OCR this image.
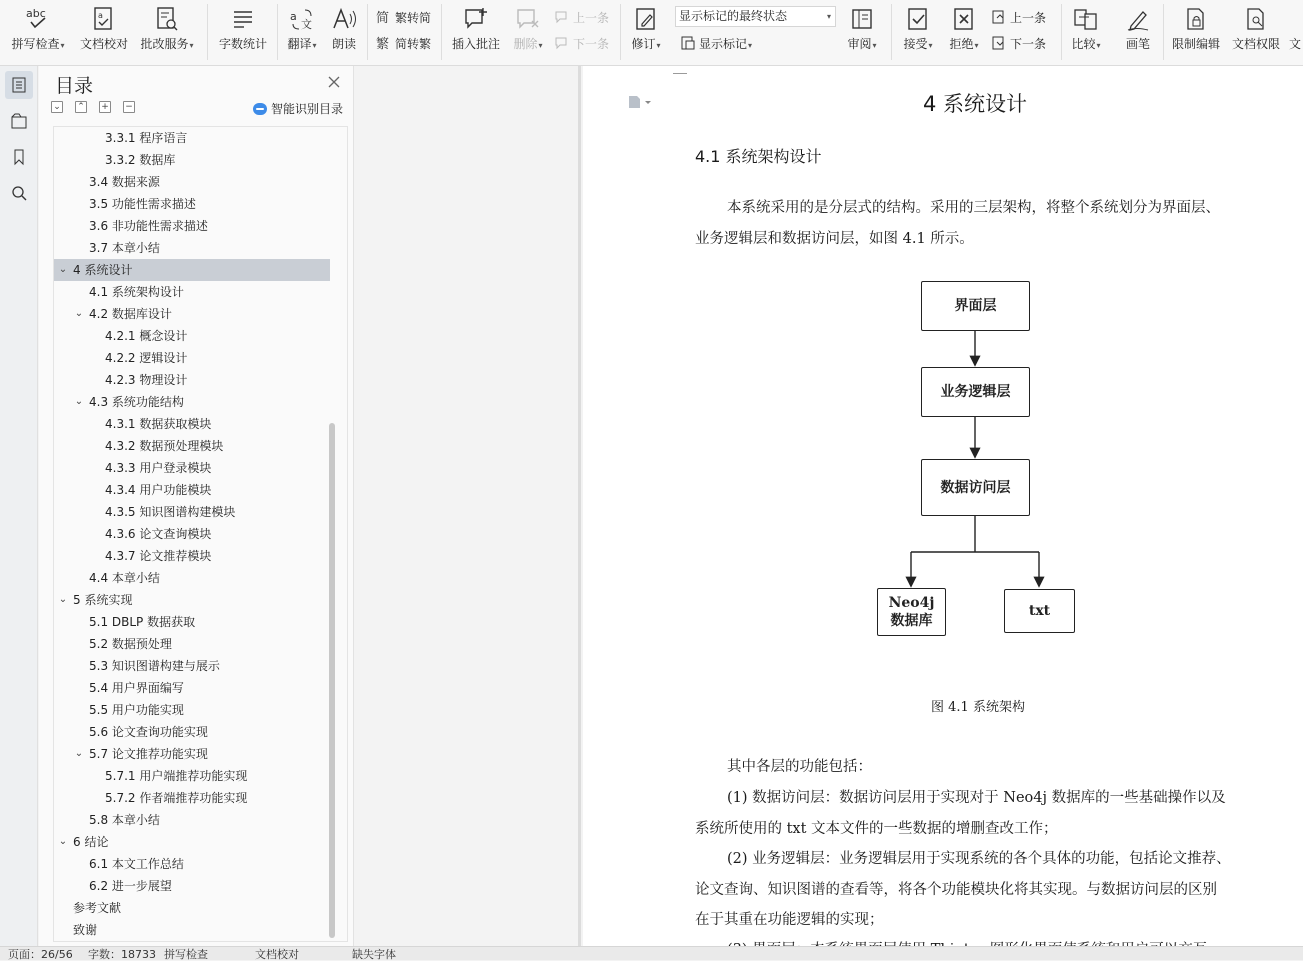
abc
拼写检查 ▾
a
文档校对 批改服务 ▾	字数统计
a
文
翻译 ▾	朗读
简 繁转简
繁 简转繁 插入批注 删除 ▾
上一条
下一条 修订 ▾
显示标记的最终状态	▾
显示标记 ▾	审阅 ▾	接受 ▾	拒绝 ▾
上一条
下一条 比较 ▾	画笔 限制编辑 文档权限 文
目录
⌄ ⌃ + −	智能识别目录
3.3.1 程序语言
3.3.2 数据库
3.4 数据来源
3.5 功能性需求描述
3.6 非功能性需求描述
3.7 本章小结
⌄ 4 系统设计
4.1 系统架构设计
⌄ 4.2 数据库设计
4.2.1 概念设计
4.2.2 逻辑设计
4.2.3 物理设计
⌄ 4.3 系统功能结构
4.3.1 数据获取模块
4.3.2 数据预处理模块
4.3.3 用户登录模块
4.3.4 用户功能模块
4.3.5 知识图谱构建模块
4.3.6 论文查询模块
4.3.7 论文推荐模块
4.4 本章小结
⌄ 5 系统实现
5.1 DBLP 数据获取
5.2 数据预处理
5.3 知识图谱构建与展示
5.4 用户界面编写
5.5 用户功能实现
5.6 论文查询功能实现
⌄ 5.7 论文推荐功能实现
5.7.1 用户端推荐功能实现
5.7.2 作者端推荐功能实现
5.8 本章小结
⌄ 6 结论
6.1 本文工作总结
6.2 进一步展望
参考文献
致谢
4 系统设计
4.1 系统架构设计
本系统采用的是分层式的结构。采用的三层架构，将整个系统划分为界面层、
业务逻辑层和数据访问层，如图 4.1 所示。
界面层
业务逻辑层
数据访问层
Neo4j
数据库
txt
图 4.1 系统架构
其中各层的功能包括：
(1) 数据访问层：数据访问层用于实现对于 Neo4j 数据库的一些基础操作以及
系统所使用的 txt 文本文件的一些数据的增删查改工作；
(2) 业务逻辑层：业务逻辑层用于实现系统的各个具体的功能，包括论文推荐、
论文查询、知识图谱的查看等，将各个功能模块化将其实现。与数据访问层的区别
在于其重在功能逻辑的实现；
页面：26/56 字数：18733 拼写检查	文档校对	缺失字体
